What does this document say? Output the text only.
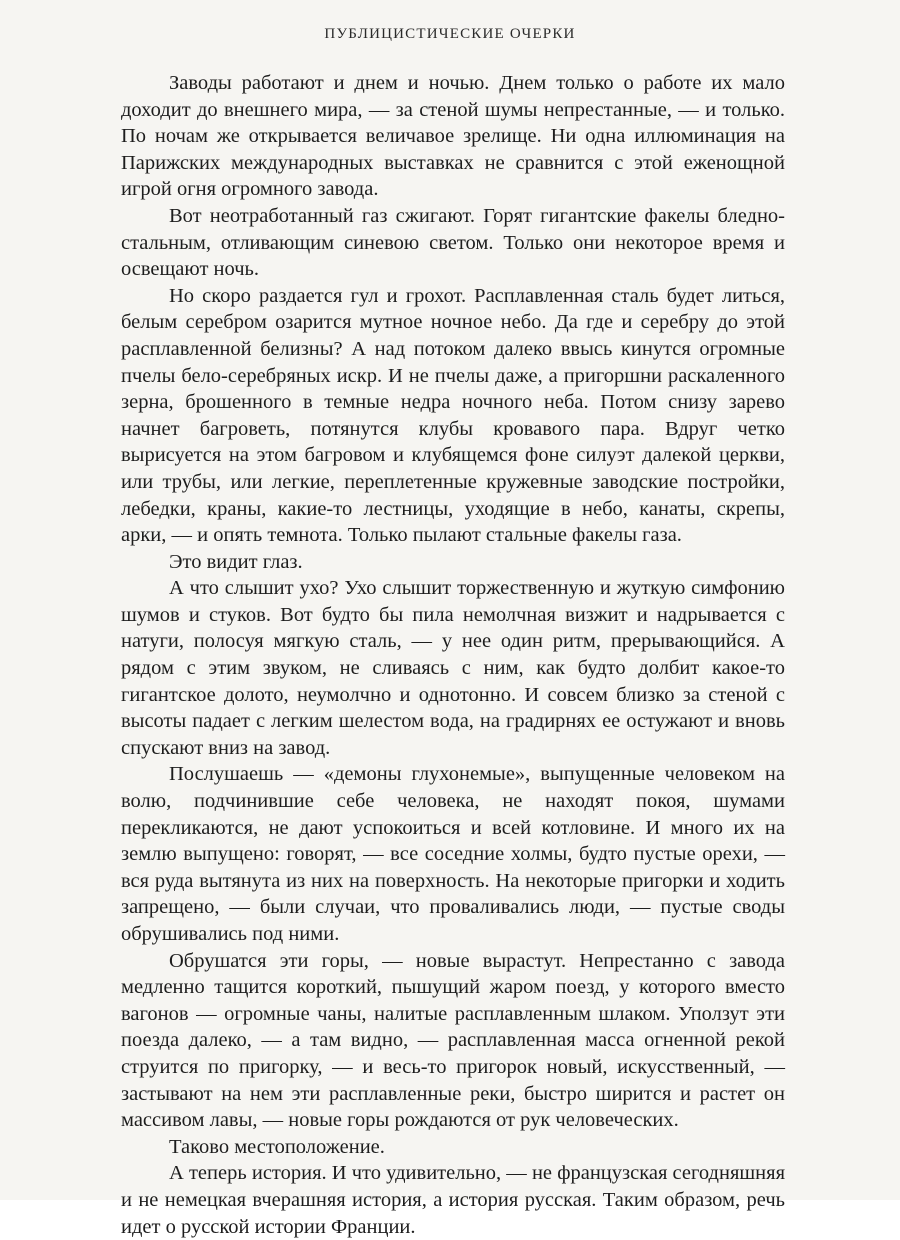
ПУБЛИЦИСТИЧЕСКИЕ ОЧЕРКИ

Заводы работают и днем и ночью. Днем только о работе их мало доходит до внешнего мира, — за стеной шумы непрестанные, — и только. По ночам же открывается величавое зрелище. Ни одна иллюминация на Парижских международных выставках не сравнится с этой еженощной игрой огня огромного завода.

Вот неотработанный газ сжигают. Горят гигантские факелы бледно-стальным, отливающим синевою светом. Только они некоторое время и освещают ночь.

Но скоро раздается гул и грохот. Расплавленная сталь будет литься, белым серебром озарится мутное ночное небо. Да где и серебру до этой расплавленной белизны? А над потоком далеко ввысь кинутся огромные пчелы бело-серебряных искр. И не пчелы даже, а пригоршни раскаленного зерна, брошенного в темные недра ночного неба. Потом снизу зарево начнет багроветь, потянутся клубы кровавого пара. Вдруг четко вырисуется на этом багровом и клубящемся фоне силуэт далекой церкви, или трубы, или легкие, переплетенные кружевные заводские постройки, лебедки, краны, какие-то лестницы, уходящие в небо, канаты, скрепы, арки, — и опять темнота. Только пылают стальные факелы газа.

Это видит глаз.

А что слышит ухо? Ухо слышит торжественную и жуткую симфонию шумов и стуков. Вот будто бы пила немолчная визжит и надрывается с натуги, полосуя мягкую сталь, — у нее один ритм, прерывающийся. А рядом с этим звуком, не сливаясь с ним, как будто долбит какое-то гигантское долото, неумолчно и однотонно. И совсем близко за стеной с высоты падает с легким шелестом вода, на градирнях ее остужают и вновь спускают вниз на завод.

Послушаешь — «демоны глухонемые», выпущенные человеком на волю, подчинившие себе человека, не находят покоя, шумами перекликаются, не дают успокоиться и всей котловине. И много их на землю выпущено: говорят, — все соседние холмы, будто пустые орехи, — вся руда вытянута из них на поверхность. На некоторые пригорки и ходить запрещено, — были случаи, что проваливались люди, — пустые своды обрушивались под ними.

Обрушатся эти горы, — новые вырастут. Непрестанно с завода медленно тащится короткий, пышущий жаром поезд, у которого вместо вагонов — огромные чаны, налитые расплавленным шлаком. Уползут эти поезда далеко, — а там видно, — расплавленная масса огненной рекой струится по пригорку, — и весь-то пригорок новый, искусственный, — застывают на нем эти расплавленные реки, быстро ширится и растет он массивом лавы, — новые горы рождаются от рук человеческих.

Таково местоположение.

А теперь история. И что удивительно, — не французская сегодняшняя и не немецкая вчерашняя история, а история русская. Таким образом, речь идет о русской истории Франции.
